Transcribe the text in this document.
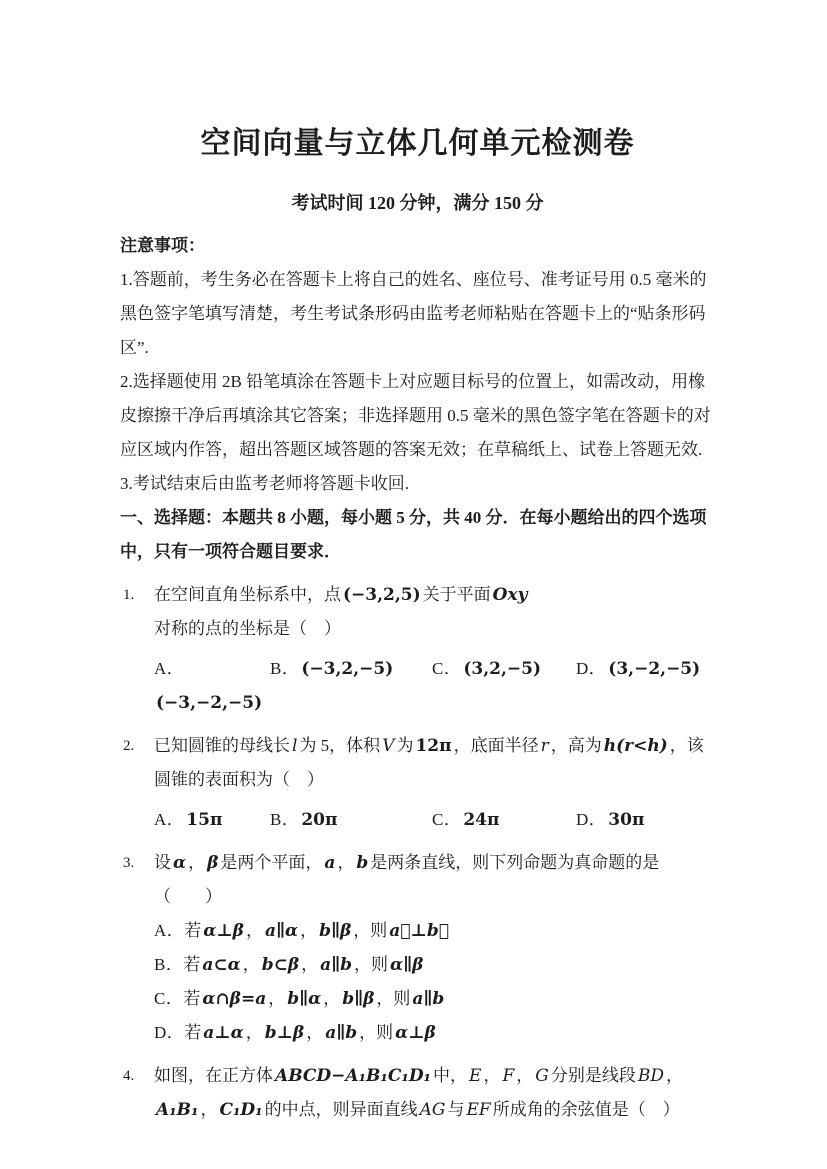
空间向量与立体几何单元检测卷

考试时间 120 分钟，满分 150 分

注意事项：

1.答题前，考生务必在答题卡上将自己的姓名、座位号、准考证号用 0.5 毫米的黑色签字笔填写清楚，考生考试条形码由监考老师粘贴在答题卡上的“贴条形码区”.

2.选择题使用 2B 铅笔填涂在答题卡上对应题目标号的位置上，如需改动，用橡皮擦擦干净后再填涂其它答案；非选择题用 0.5 毫米的黑色签字笔在答题卡的对应区域内作答，超出答题区域答题的答案无效；在草稿纸上、试卷上答题无效.

3.考试结束后由监考老师将答题卡收回.

一、选择题：本题共 8 小题，每小题 5 分，共 40 分．在每小题给出的四个选项中，只有一项符合题目要求．

1. 在空间直角坐标系中，点 (−3,2,5) 关于平面 Oxy对称的点的坐标是（　）
A．(−3,−2,−5)
B． (−3,2,−5)	C． (3,2,−5)	D． (3,−2,−5)
2. 已知圆锥的母线长 l 为 5，体积 V 为 12π ，底面半径 r ，高为 h(r<h) ，该圆锥的表面积为（　）
A． 15π	B． 20π	C． 24π	D． 30π
3. 设 α ， β 是两个平面， a ， b 是两条直线，则下列命题为真命题的是（　　）
A．若 α⊥β ， a∥α ， b∥β ，则 a⃗⊥b⃗
B．若 a⊂α ， b⊂β ， a∥b ，则 α∥β
C．若 α∩β=a ， b∥α ， b∥β ，则 a∥b
D．若 a⊥α ， b⊥β ， a∥b ，则 α⊥β
4. 如图，在正方体 ABCD−A₁B₁C₁D₁ 中， E ， F ， G 分别是线段 BD ，A₁B₁ ， C₁D₁ 的中点，则异面直线 AG 与 EF 所成角的余弦值是（　）
